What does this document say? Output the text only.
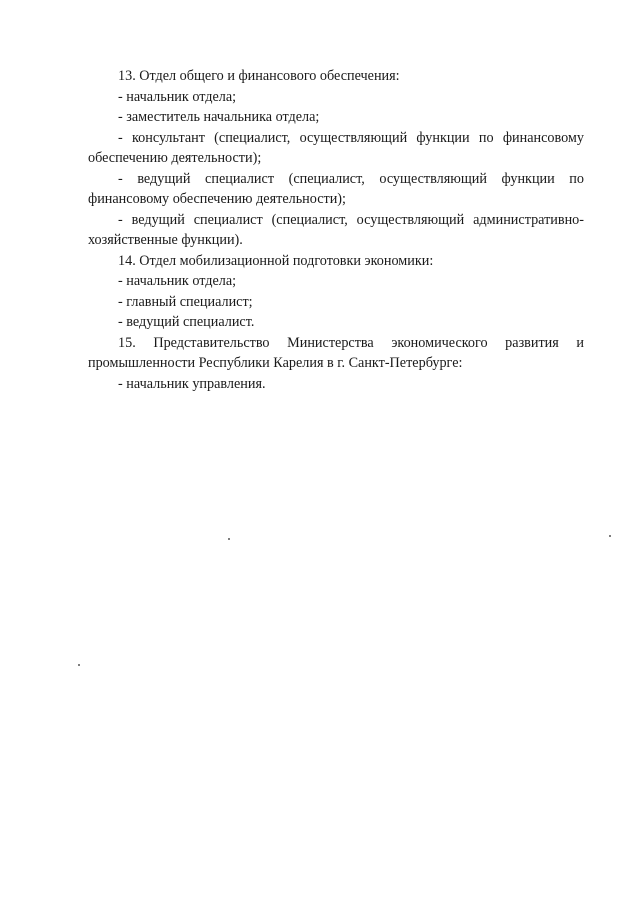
13. Отдел общего и финансового обеспечения:
- начальник отдела;
- заместитель начальника отдела;
- консультант (специалист, осуществляющий функции по финансовому
обеспечению деятельности);
- ведущий специалист (специалист, осуществляющий функции по
финансовому обеспечению деятельности);
- ведущий специалист (специалист, осуществляющий административно-
хозяйственные функции).
14. Отдел мобилизационной подготовки экономики:
- начальник отдела;
- главный специалист;
- ведущий специалист.
15. Представительство Министерства экономического развития и
промышленности Республики Карелия в г. Санкт-Петербурге:
- начальник управления.
